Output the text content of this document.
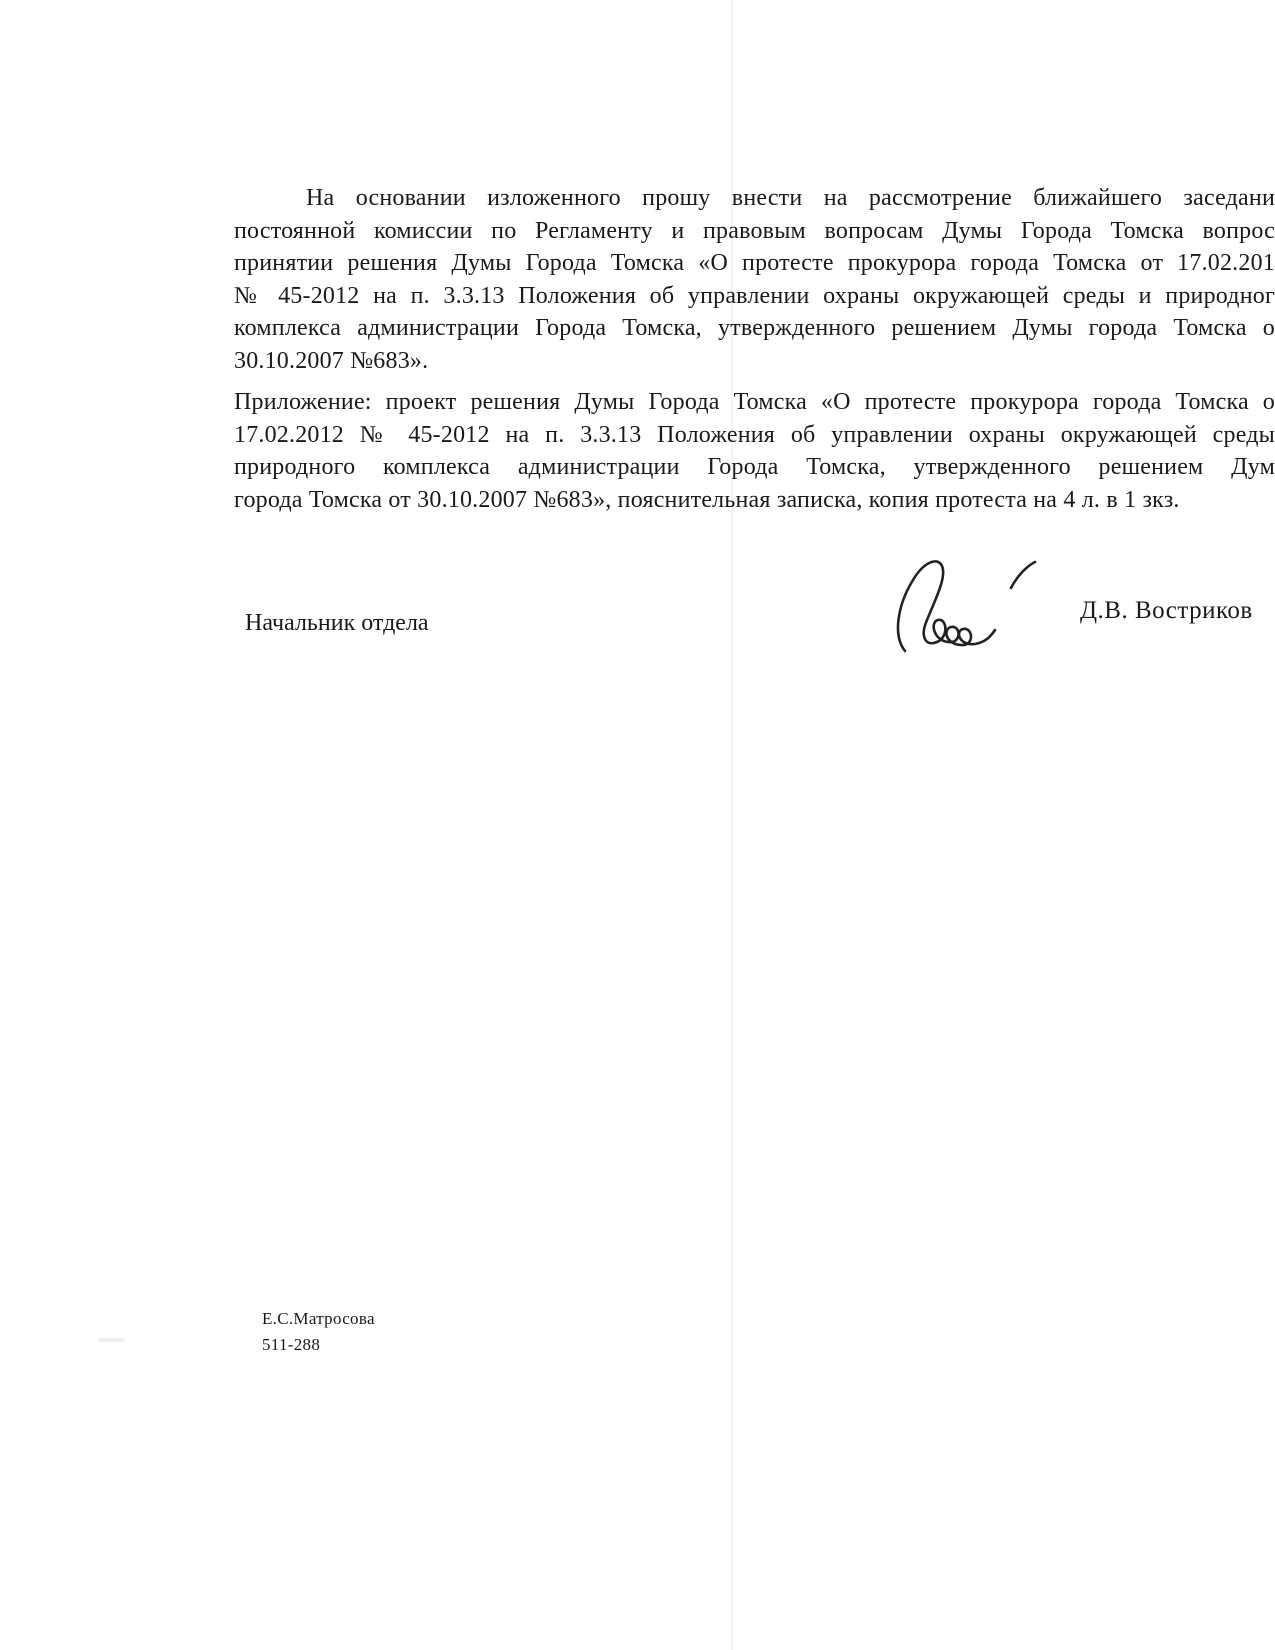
На основании изложенного прошу внести на рассмотрение ближайшего заседани
постоянной комиссии по Регламенту и правовым вопросам Думы Города Томска вопрос
принятии решения Думы Города Томска «О протесте прокурора города Томска от 17.02.201
№ 45-2012 на п. 3.3.13 Положения об управлении охраны окружающей среды и природног
комплекса администрации Города Томска, утвержденного решением Думы города Томска о
30.10.2007 №683».
Приложение: проект решения Думы Города Томска «О протесте прокурора города Томска о
17.02.2012 № 45-2012 на п. 3.3.13 Положения об управлении охраны окружающей среды
природного комплекса администрации Города Томска, утвержденного решением Дум
города Томска от 30.10.2007 №683», пояснительная записка, копия протеста на 4 л. в 1 зкз.
Начальник отдела	Д.В. Востриков
Е.С.Матросова
511-288
